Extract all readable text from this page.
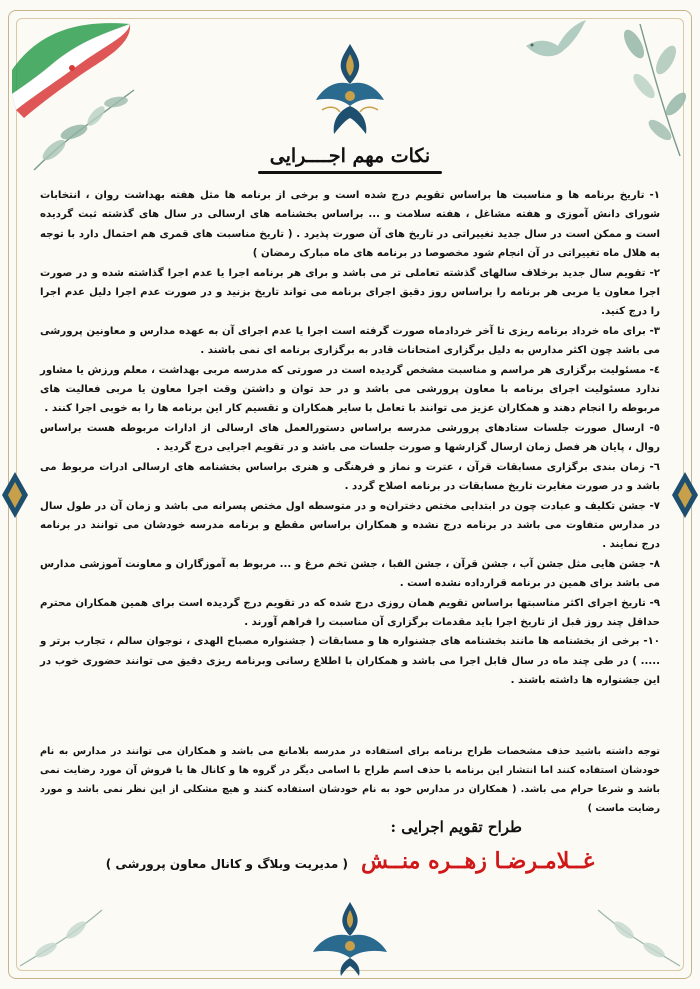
نکات مهم اجــــرایی

۱- تاریخ برنامه ها و مناسبت ها براساس تقویم درج شده است و برخی از برنامه ها مثل هفته بهداشت روان ، انتخابات شورای دانش آموزی و هفته مشاغل ، هفته سلامت و ... براساس بخشنامه های ارسالی در سال های گذشته ثبت گردیده است و ممکن است در سال جدید تغییراتی در تاریخ های آن صورت پذیرد . ( تاریخ مناسبت های قمری هم احتمال دارد با توجه به هلال ماه تغییراتی در آن انجام شود مخصوصا در برنامه های ماه مبارک رمضان )

۲- تقویم سال جدید برخلاف سالهای گذشته تعاملی تر می باشد و برای هر برنامه اجرا یا عدم اجرا گذاشته شده و در صورت اجرا معاون یا مربی هر برنامه را براساس روز دقیق اجرای برنامه می تواند تاریخ بزنید و در صورت عدم اجرا دلیل عدم اجرا را درج کنید.

۳- برای ماه خرداد برنامه ریزی تا آخر خردادماه صورت گرفته است اجرا یا عدم اجرای آن به عهده مدارس و معاونین پرورشی می باشد چون اکثر مدارس به دلیل برگزاری امتحانات قادر به برگزاری برنامه ای نمی باشند .

٤- مسئولیت برگزاری هر مراسم و مناسبت مشخص گردیده است در صورتی که مدرسه مربی بهداشت ، معلم ورزش یا مشاور ندارد مسئولیت اجرای برنامه با معاون پرورشی می باشد و در حد توان و داشتن وقت اجرا معاون یا مربی فعالیت های مربوطه را انجام دهند و همکاران عزیز می توانند با تعامل با سایر همکاران و تقسیم کار این برنامه ها را به خوبی اجرا کنند .

٥- ارسال صورت جلسات ستادهای پرورشی مدرسه براساس دستورالعمل های ارسالی از ادارات مربوطه هست براساس روال ، پایان هر فصل زمان ارسال گزارشها و صورت جلسات می باشد و در تقویم اجرایی درج گردید .

٦- زمان بندی برگزاری مسابقات قرآن ، عترت و نماز و فرهنگی و هنری براساس بخشنامه های ارسالی ادرات مربوط می باشد و در صورت مغایرت تاریخ مسابقات در برنامه اصلاح گردد .

۷- جشن تکلیف و عبادت چون در ابتدایی مختص دختران‌ه و در متوسطه اول مختص پسرانه می باشد و زمان آن در طول سال در مدارس متفاوت می باشد در برنامه درج نشده و همکاران براساس مقطع و برنامه مدرسه خودشان می توانند در برنامه درج نمایند .

۸- جشن هایی مثل جشن آب ، جشن قرآن ، جشن الفبا ، جشن تخم مرغ و ... مربوط به آموزگاران و معاونت آموزشی مدارس می باشد برای همین در برنامه قرارداده نشده است .

۹- تاریخ اجرای اکثر مناسبتها براساس تقویم همان روزی درج شده که در تقویم درج گردیده است برای همین همکاران محترم حداقل چند روز قبل از تاریخ اجرا باید مقدمات برگزاری آن مناسبت را فراهم آورند .

۱۰- برخی از بخشنامه ها مانند بخشنامه های جشنواره ها و مسابقات ( جشنواره مصباح الهدی ، نوجوان سالم ، تجارب برتر و ..... ) در طی چند ماه در سال قابل اجرا می باشد و همکاران با اطلاع رسانی وبرنامه ریزی دقیق می توانند حضوری خوب در این جشنواره ها داشته باشند .

توجه داشته باشید حذف مشخصات طراح برنامه برای استفاده در مدرسه بلامانع می باشد و همکاران می توانند در مدارس به نام خودشان استفاده کنند اما انتشار این برنامه با حذف اسم طراح با اسامی دیگر در گروه ها و کانال ها یا فروش آن مورد رضایت نمی باشد و شرعا حرام می باشد. ( همکاران در مدارس خود به نام خودشان استفاده کنند و هیچ مشکلی از این نظر نمی باشد و مورد رضایت ماست )
طراح تقویم اجرایی :
غــلامـرضـا زهــره منــش ( مدیریت وبلاگ و کانال معاون پرورشی )
